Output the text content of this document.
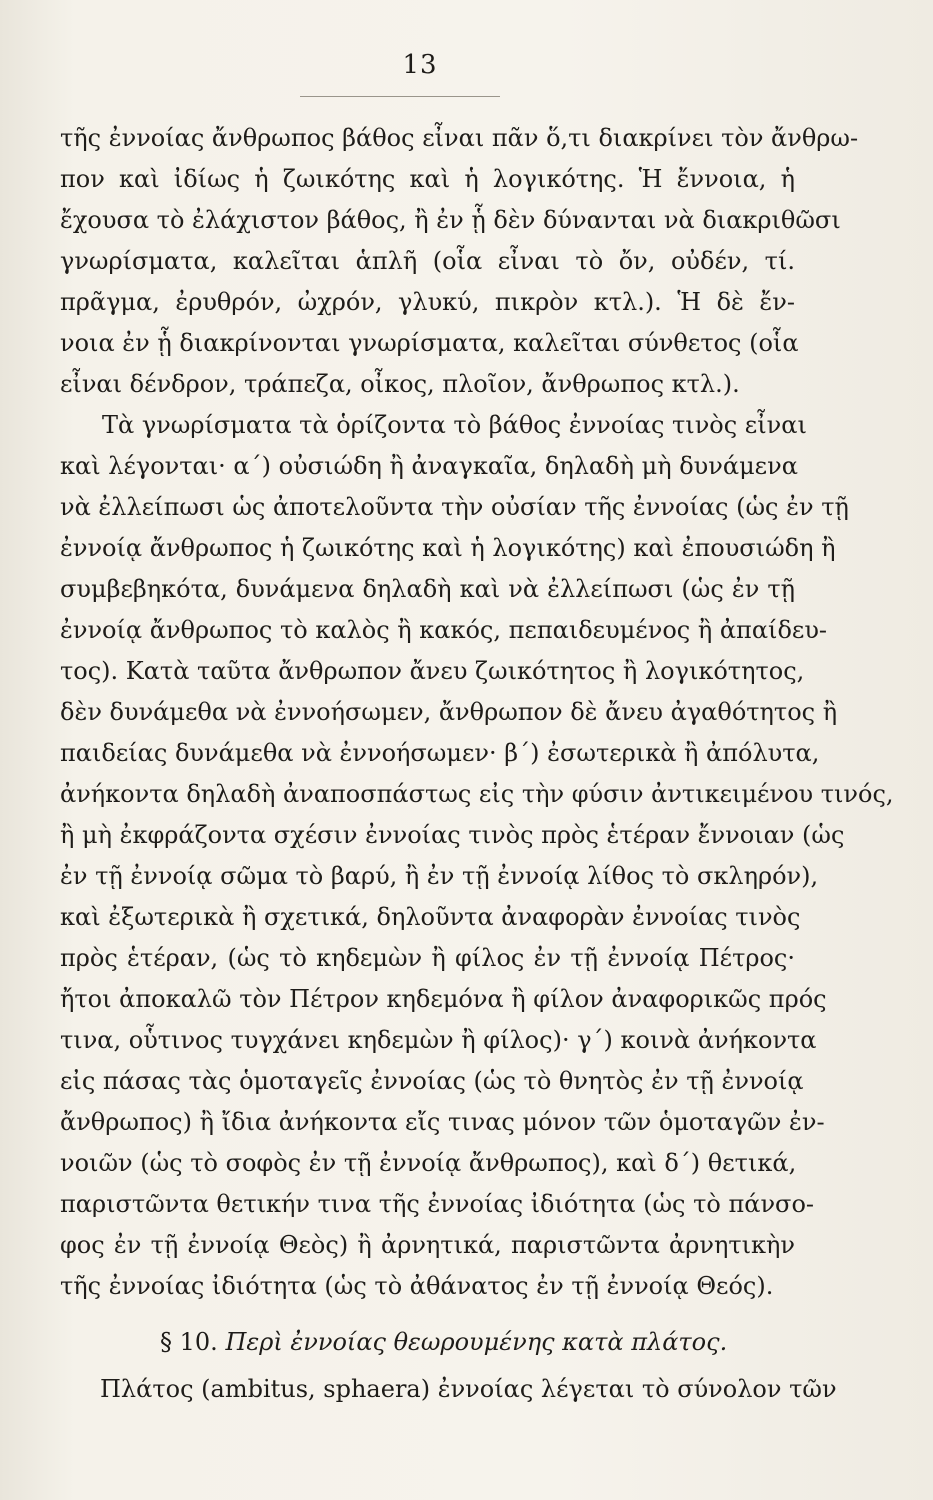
13
τῆς ἐννοίας ἄνθρωπος βάθος εἶναι πᾶν ὅ,τι διακρίνει τὸν ἄνθρω-
πον καὶ ἰδίως ἡ ζωικότης καὶ ἡ λογικότης. Ἡ ἔννοια, ἡ
ἔχουσα τὸ ἐλάχιστον βάθος, ἢ ἐν ᾗ δὲν δύνανται νὰ διακριθῶσι
γνωρίσματα, καλεῖται ἁπλῆ (οἷα εἶναι τὸ ὄν, οὐδέν, τί.
πρᾶγμα, ἐρυθρόν, ὠχρόν, γλυκύ, πικρὸν κτλ.). Ἡ δὲ ἔν-
νοια ἐν ᾗ διακρίνονται γνωρίσματα, καλεῖται σύνθετος (οἷα
εἶναι δένδρον, τράπεζα, οἶκος, πλοῖον, ἄνθρωπος κτλ.).
Τὰ γνωρίσματα τὰ ὁρίζοντα τὸ βάθος ἐννοίας τινὸς εἶναι
καὶ λέγονται· α΄) οὐσιώδη ἢ ἀναγκαῖα, δηλαδὴ μὴ δυνάμενα
νὰ ἐλλείπωσι ὡς ἀποτελοῦντα τὴν οὐσίαν τῆς ἐννοίας (ὡς ἐν τῇ
ἐννοίᾳ ἄνθρωπος ἡ ζωικότης καὶ ἡ λογικότης) καὶ ἐπουσιώδη ἢ
συμβεβηκότα, δυνάμενα δηλαδὴ καὶ νὰ ἐλλείπωσι (ὡς ἐν τῇ
ἐννοίᾳ ἄνθρωπος τὸ καλὸς ἢ κακός, πεπαιδευμένος ἢ ἀπαίδευ-
τος). Κατὰ ταῦτα ἄνθρωπον ἄνευ ζωικότητος ἢ λογικότητος,
δὲν δυνάμεθα νὰ ἐννοήσωμεν, ἄνθρωπον δὲ ἄνευ ἀγαθότητος ἢ
παιδείας δυνάμεθα νὰ ἐννοήσωμεν· β΄) ἐσωτερικὰ ἢ ἀπόλυτα,
ἀνήκοντα δηλαδὴ ἀναποσπάστως εἰς τὴν φύσιν ἀντικειμένου τινός,
ἢ μὴ ἐκφράζοντα σχέσιν ἐννοίας τινὸς πρὸς ἑτέραν ἔννοιαν (ὡς
ἐν τῇ ἐννοίᾳ σῶμα τὸ βαρύ, ἢ ἐν τῇ ἐννοίᾳ λίθος τὸ σκληρόν),
καὶ ἐξωτερικὰ ἢ σχετικά, δηλοῦντα ἀναφορὰν ἐννοίας τινὸς
πρὸς ἑτέραν, (ὡς τὸ κηδεμὼν ἢ φίλος ἐν τῇ ἐννοίᾳ Πέτρος·
ἤτοι ἀποκαλῶ τὸν Πέτρον κηδεμόνα ἢ φίλον ἀναφορικῶς πρός
τινα, οὗτινος τυγχάνει κηδεμὼν ἢ φίλος)· γ΄) κοινὰ ἀνήκοντα
εἰς πάσας τὰς ὁμοταγεῖς ἐννοίας (ὡς τὸ θνητὸς ἐν τῇ ἐννοίᾳ
ἄνθρωπος) ἢ ἴδια ἀνήκοντα εἴς τινας μόνον τῶν ὁμοταγῶν ἐν-
νοιῶν (ὡς τὸ σοφὸς ἐν τῇ ἐννοίᾳ ἄνθρωπος), καὶ δ΄) θετικά,
παριστῶντα θετικήν τινα τῆς ἐννοίας ἰδιότητα (ὡς τὸ πάνσο-
φος ἐν τῇ ἐννοίᾳ Θεὸς) ἢ ἀρνητικά, παριστῶντα ἀρνητικὴν
τῆς ἐννοίας ἰδιότητα (ὡς τὸ ἀθάνατος ἐν τῇ ἐννοίᾳ Θεός).
§ 10. Περὶ ἐννοίας θεωρουμένης κατὰ πλάτος.
Πλάτος (ambitus, sphaera) ἐννοίας λέγεται τὸ σύνολον τῶν
